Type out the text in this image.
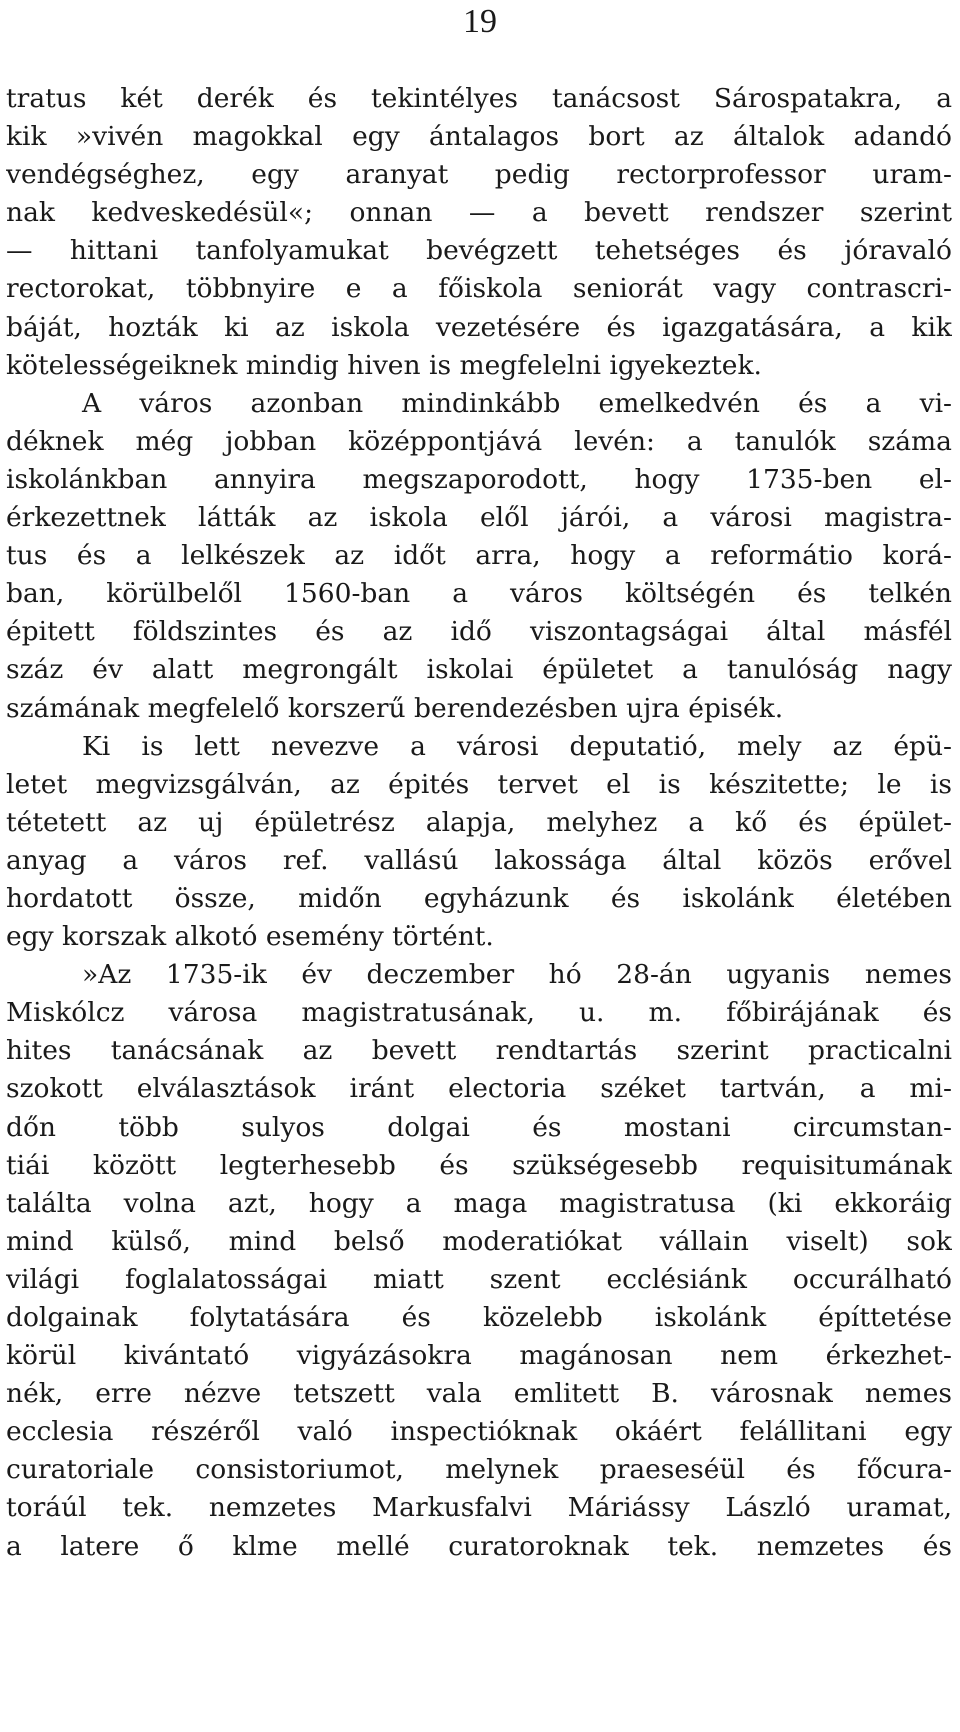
19
tratus két derék és tekintélyes tanácsost Sárospatakra, a
kik »vivén magokkal egy ántalagos bort az általok adandó
vendégséghez, egy aranyat pedig rectorprofessor uram-
nak kedveskedésül«; onnan — a bevett rendszer szerint
— hittani tanfolyamukat bevégzett tehetséges és jóravaló
rectorokat, többnyire e a főiskola seniorát vagy contrascri-
báját, hozták ki az iskola vezetésére és igazgatására, a kik
kötelességeiknek mindig hiven is megfelelni igyekeztek.
A város azonban mindinkább emelkedvén és a vi-
déknek még jobban középpontjává levén: a tanulók száma
iskolánkban annyira megszaporodott, hogy 1735-ben el-
érkezettnek látták az iskola elől járói, a városi magistra-
tus és a lelkészek az időt arra, hogy a reformátio korá-
ban, körülbelől 1560-ban a város költségén és telkén
épitett földszintes és az idő viszontagságai által másfél
száz év alatt megrongált iskolai épületet a tanulóság nagy
számának megfelelő korszerű berendezésben ujra épisék.
Ki is lett nevezve a városi deputatió, mely az épü-
letet megvizsgálván, az épités tervet el is készitette; le is
tétetett az uj épületrész alapja, melyhez a kő és épület-
anyag a város ref. vallású lakossága által közös erővel
hordatott össze, midőn egyházunk és iskolánk életében
egy korszak alkotó esemény történt.
»Az 1735-ik év deczember hó 28-án ugyanis nemes
Miskólcz városa magistratusának, u. m. főbirájának és
hites tanácsának az bevett rendtartás szerint practicalni
szokott elválasztások iránt electoria széket tartván, a mi-
dőn több sulyos dolgai és mostani circumstan-
tiái között legterhesebb és szükségesebb requisitumának
találta volna azt, hogy a maga magistratusa (ki ekkoráig
mind külső, mind belső moderatiókat vállain viselt) sok
világi foglalatosságai miatt szent ecclésiánk occurálható
dolgainak folytatására és közelebb iskolánk építtetése
körül kivántató vigyázásokra magánosan nem érkezhet-
nék, erre nézve tetszett vala emlitett B. városnak nemes
ecclesia részéről való inspectióknak okáért felállitani egy
curatoriale consistoriumot, melynek praeseséül és főcura-
toráúl tek. nemzetes Markusfalvi Máriássy László uramat,
a latere ő klme mellé curatoroknak tek. nemzetes és
